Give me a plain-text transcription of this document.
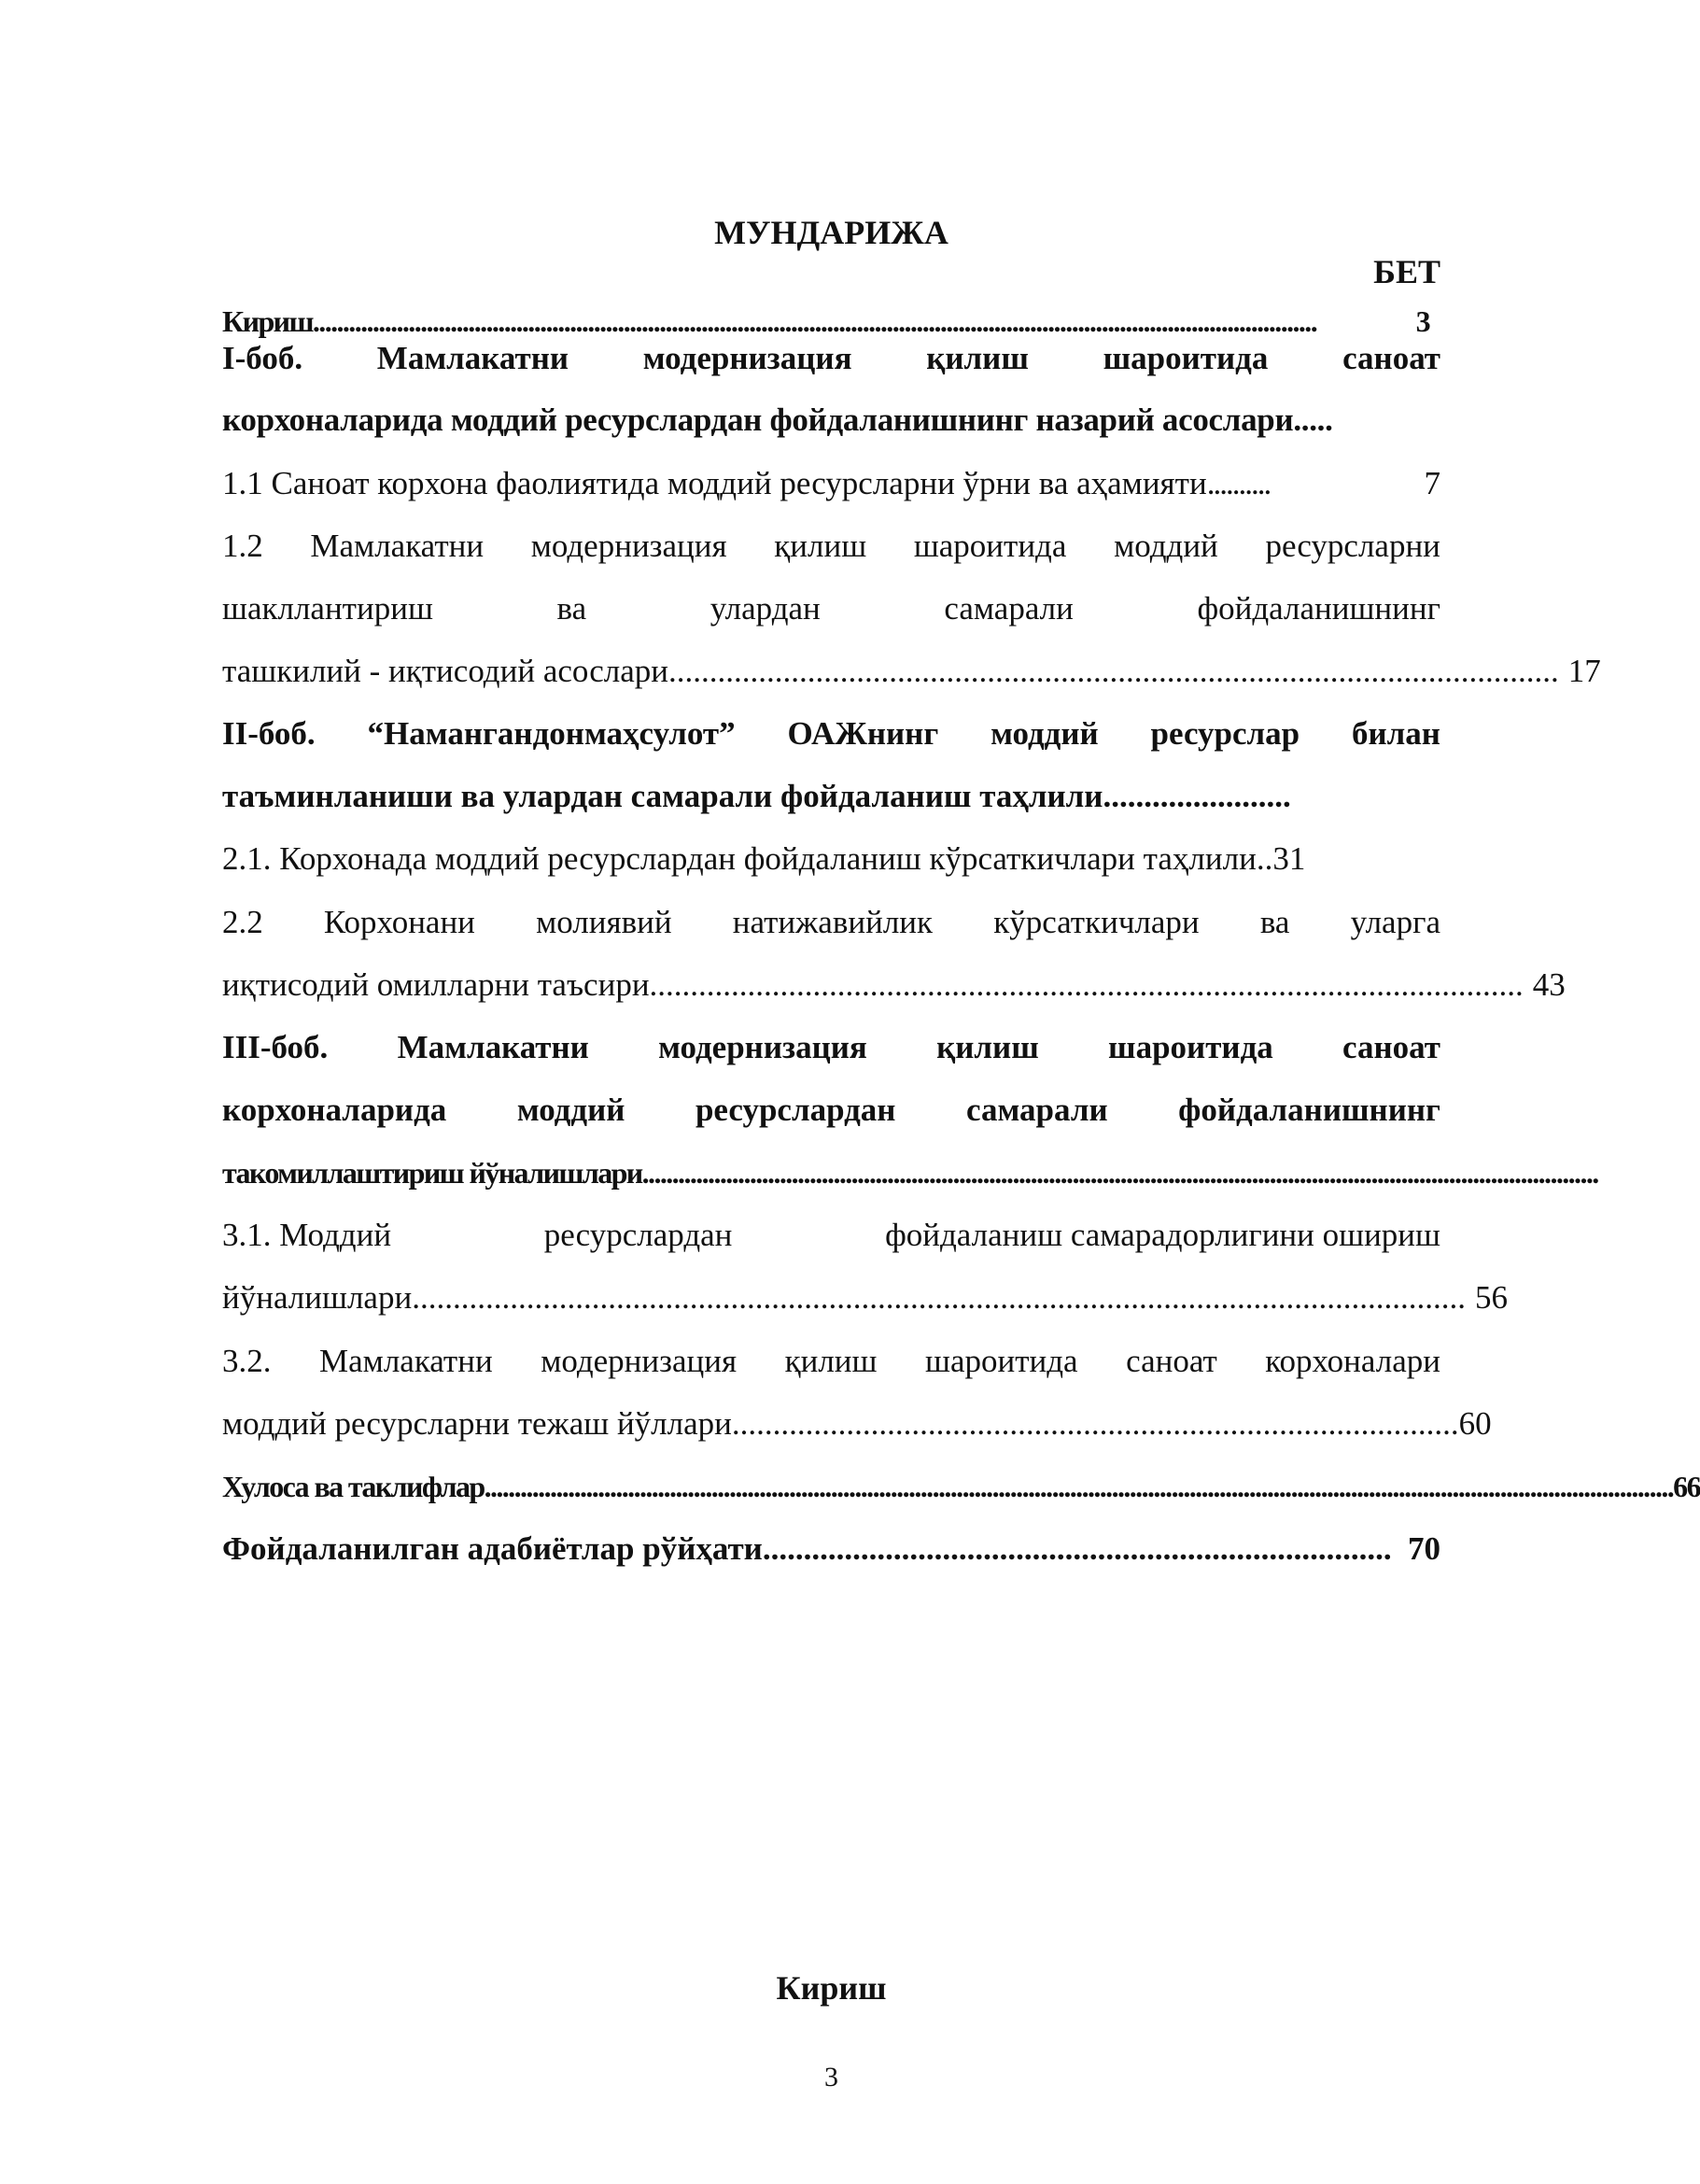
МУНДАРИЖА
БЕТ
Кириш ........................................................................................................................................................................	3
I-боб. Мамлакатни модернизация қилиш шароитида саноат
корхоналарида моддий ресурслардан фойдаланишнинг назарий асослари.....
1.1 Саноат корхона фаолиятида моддий ресурсларни ўрни ва аҳамияти ..........	7
1.2 Мамлакатни модернизация қилиш шароитида моддий ресурсларни
шакллантириш	ва	улардан	самарали	фойдаланишнинг
ташкилий - иқтисодий асослари ............................................................................................................. 17
II-боб. “Намангандонмаҳсулот” ОАЖнинг моддий ресурслар билан
таъминланиши ва улардан самарали фойдаланиш таҳлили.......................
2.1. Корхонада моддий ресурслардан фойдаланиш кўрсаткичлари таҳлили..31
2.2 Корхонани молиявий натижавийлик кўрсаткичлари ва уларга
иқтисодий омилларни таъсири ........................................................................................................... 43
III-боб. Мамлакатни модернизация қилиш шароитида саноат
корхоналарида моддий ресурслардан самарали фойдаланишнинг
такомиллаштириш йўналишлари ................................................................................................................................................................
3.1. Моддий	ресурслардан	фойдаланиш самарадорлигини ошириш
йўналишлари ................................................................................................................................. 56
3.2. Мамлакатни модернизация қилиш шароитида саноат корхоналари
моддий ресурсларни тежаш йўллари ......................................................................................... 60
Хулоса ва таклифлар ....................................................................................................................................................................................................... 66
Фойдаланилган адабиётлар рўйҳати ............................................................................. 70
Кириш
3
